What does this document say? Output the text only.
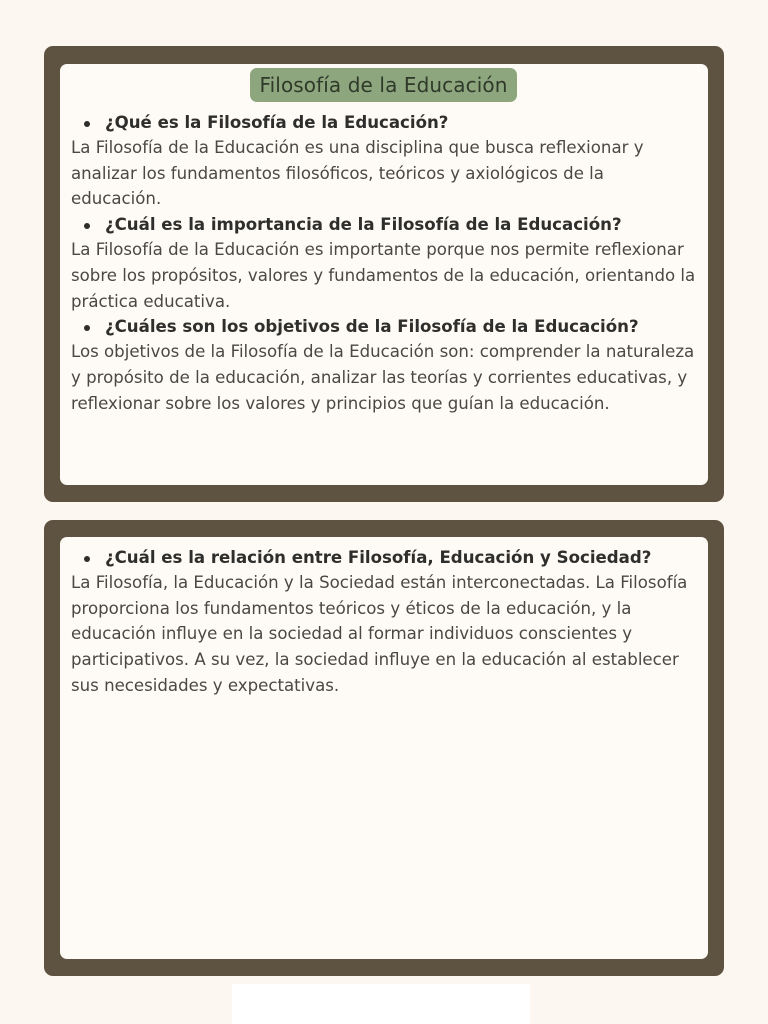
Filosofía de la Educación
¿Qué es la Filosofía de la Educación?

La Filosofía de la Educación es una disciplina que busca reflexionar y analizar los fundamentos filosóficos, teóricos y axiológicos de la educación.

¿Cuál es la importancia de la Filosofía de la Educación?

La Filosofía de la Educación es importante porque nos permite reflexionar sobre los propósitos, valores y fundamentos de la educación, orientando la práctica educativa.

¿Cuáles son los objetivos de la Filosofía de la Educación?

Los objetivos de la Filosofía de la Educación son: comprender la naturaleza y propósito de la educación, analizar las teorías y corrientes educativas, y reflexionar sobre los valores y principios que guían la educación.

¿Cuál es la relación entre Filosofía, Educación y Sociedad?

La Filosofía, la Educación y la Sociedad están interconectadas. La Filosofía proporciona los fundamentos teóricos y éticos de la educación, y la educación influye en la sociedad al formar individuos conscientes y participativos. A su vez, la sociedad influye en la educación al establecer sus necesidades y expectativas.
